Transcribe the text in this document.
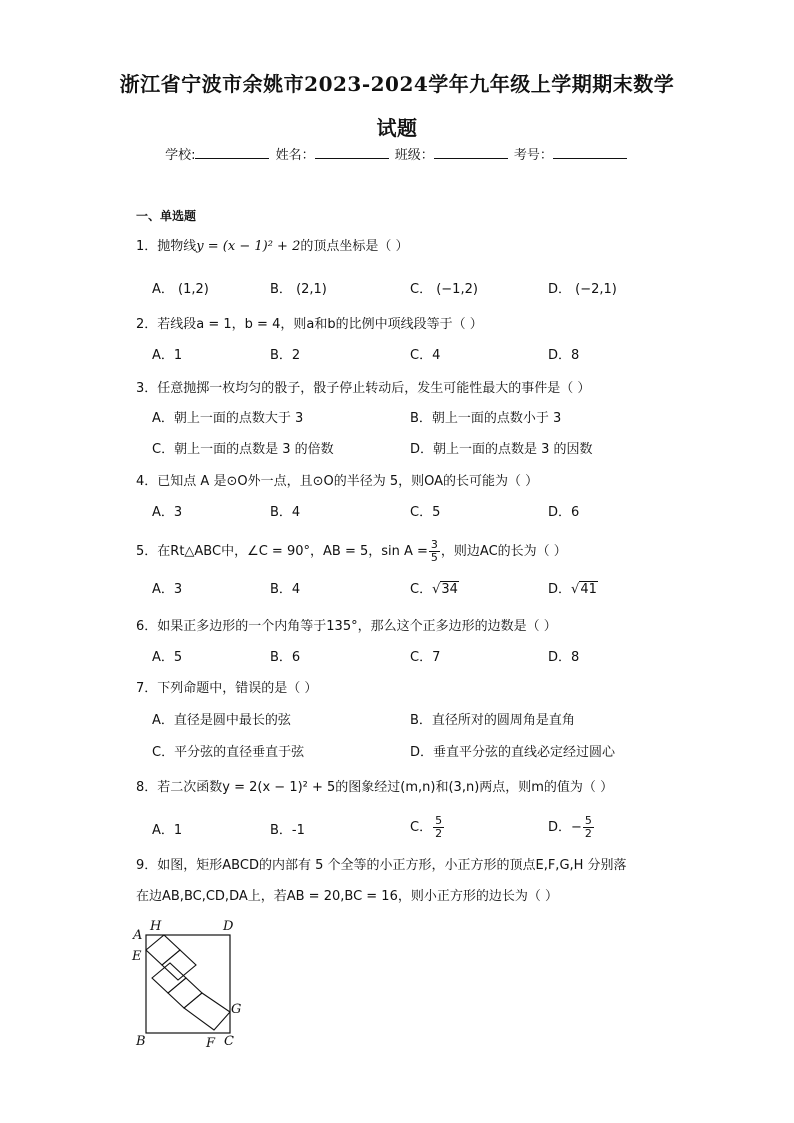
浙江省宁波市余姚市2023-2024学年九年级上学期期末数学
试题
学校:	姓名：	班级：	考号：
一、单选题
1．抛物线y = (x − 1)² + 2的顶点坐标是（ ）
A． (1,2)	B． (2,1)	C． (−1,2)	D． (−2,1)
2．若线段a = 1，b = 4，则a和b的比例中项线段等于（ ）
A．1	B．2	C．4	D．8
3．任意抛掷一枚均匀的骰子，骰子停止转动后，发生可能性最大的事件是（ ）
A．朝上一面的点数大于 3	B．朝上一面的点数小于 3
C．朝上一面的点数是 3 的倍数	D．朝上一面的点数是 3 的因数
4．已知点 A 是⊙O外一点，且⊙O的半径为 5，则OA的长可能为（ ）
A．3	B．4	C．5	D．6
5．在Rt△ABC中，∠C = 90°，AB = 5，$\sin A = \frac{3}{5}$ ，则边AC的长为（ ）
A．3	B．4	C．√34	D．√41
6．如果正多边形的一个内角等于135°，那么这个正多边形的边数是（ ）
A．5	B．6	C．7	D．8
7．下列命题中，错误的是（ ）
A．直径是圆中最长的弦	B．直径所对的圆周角是直角
C．平分弦的直径垂直于弦	D．垂直平分弦的直线必定经过圆心
8．若二次函数y = 2(x − 1)² + 5的图象经过(m,n)和(3,n)两点，则m的值为（ ）
A．1	B．-1	C． $\frac{5}{2}$	D．− $\frac{5}{2}$
9．如图，矩形ABCD的内部有 5 个全等的小正方形，小正方形的顶点E,F,G,H 分别落
在边AB,BC,CD,DA上，若AB = 20,BC = 16，则小正方形的边长为（ ）
A
H	D
E
G
B	F C
